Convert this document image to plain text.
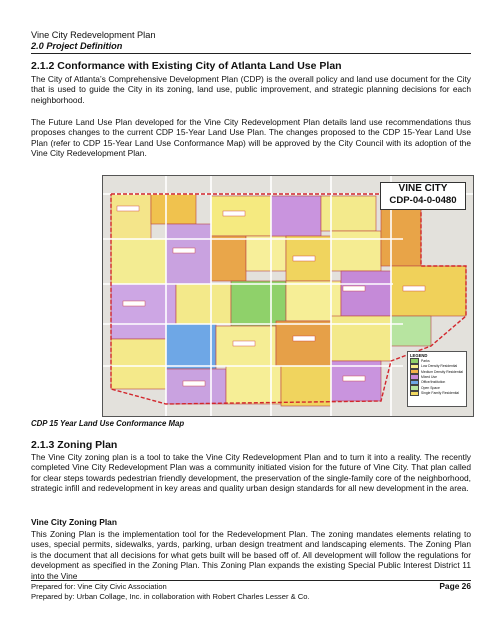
Vine City Redevelopment Plan
2.0 Project Definition
2.1.2 Conformance with Existing City of Atlanta Land Use Plan

The City of Atlanta’s Comprehensive Development Plan (CDP) is the overall policy and land use document for the City that is used to guide the City in its zoning, land use, public improvement, and strategic planning decisions for each neighborhood.

The Future Land Use Plan developed for the Vine City Redevelopment Plan details land use recommendations thus proposes changes to the current CDP 15-Year Land Use Plan. The changes proposed to the CDP 15-Year Land Use Plan (refer to CDP 15-Year Land Use Conformance Map) will be approved by the City Council with its adoption of the Vine City Redevelopment Plan.

LEGEND
Parks
Low Density Residential
Medium Density Residential
Mixed Use
Office/Institution
Open Space
Single Family Residential
VINE CITY
CDP-04-0-0480
CDP 15 Year Land Use Conformance Map
2.1.3 Zoning Plan

The Vine City zoning plan is a tool to take the Vine City Redevelopment Plan and to turn it into a reality. The recently completed Vine City Redevelopment Plan was a community initiated vision for the future of Vine City. That plan called for clear steps towards pedestrian friendly development, the preservation of the single-family core of the neighborhood, strategic infill and redevelopment in key areas and quality urban design standards for all new development in the area.

Vine City Zoning Plan

This Zoning Plan is the implementation tool for the Redevelopment Plan. The zoning mandates elements relating to uses, special permits, sidewalks, yards, parking, urban design treatment and landscaping elements. The Zoning Plan is the document that all decisions for what gets built will be based off of. All development will follow the regulations for development as specified in the Zoning Plan. This Zoning Plan expands the existing Special Public Interest District 11 into the Vine

Prepared for: Vine City Civic Association	Page 26
Prepared by: Urban Collage, Inc. in collaboration with Robert Charles Lesser & Co.
